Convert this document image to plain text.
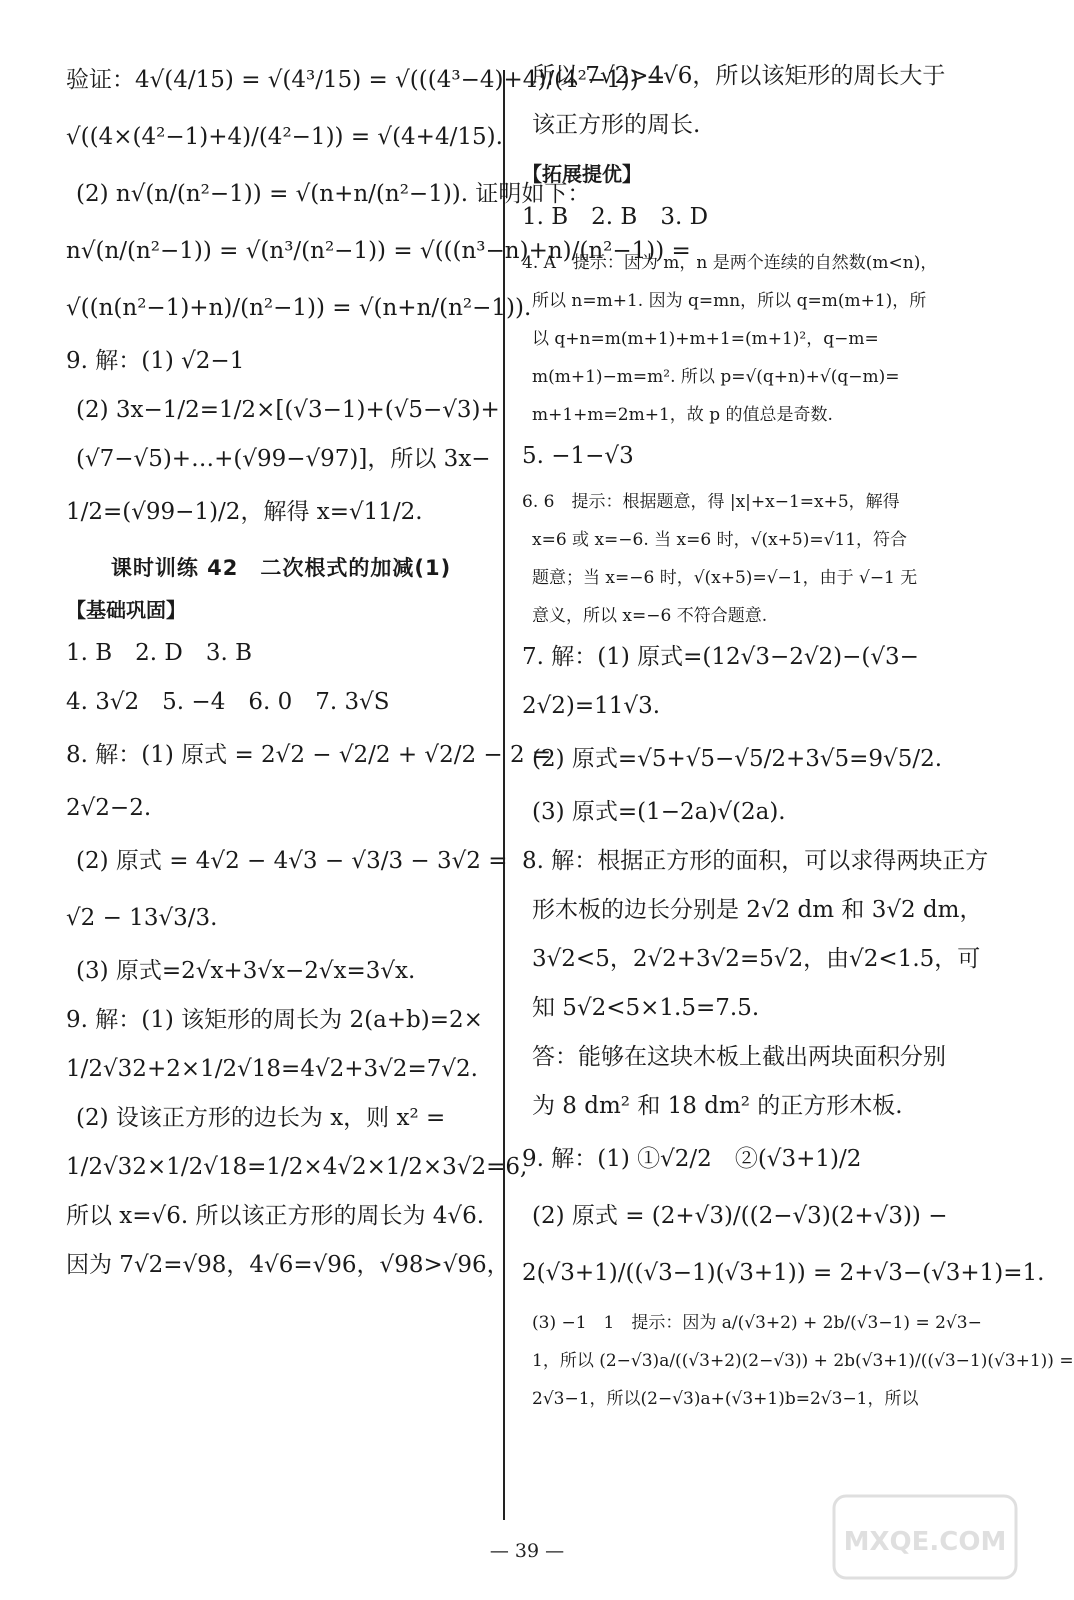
验证：4√(4/15) = √(4³/15) = √(((4³−4)+4)/(4²−1)) =
√((4×(4²−1)+4)/(4²−1)) = √(4+4/15).
(2) n√(n/(n²−1)) = √(n+n/(n²−1)). 证明如下：
n√(n/(n²−1)) = √(n³/(n²−1)) = √(((n³−n)+n)/(n²−1)) =
√((n(n²−1)+n)/(n²−1)) = √(n+n/(n²−1)).
9. 解：(1) √2−1
(2) 3x−1/2=1/2×[(√3−1)+(√5−√3)+
(√7−√5)+…+(√99−√97)]，所以 3x−
1/2=(√99−1)/2，解得 x=√11/2.
课时训练 42　二次根式的加减(1)
【基础巩固】
1. B　2. D　3. B
4. 3√2　5. −4　6. 0　7. 3√S
8. 解：(1) 原式 = 2√2 − √2/2 + √2/2 − 2 =
2√2−2.
(2) 原式 = 4√2 − 4√3 − √3/3 − 3√2 =
√2 − 13√3/3.
(3) 原式=2√x+3√x−2√x=3√x.
9. 解：(1) 该矩形的周长为 2(a+b)=2×
1/2√32+2×1/2√18=4√2+3√2=7√2.
(2) 设该正方形的边长为 x，则 x² =
1/2√32×1/2√18=1/2×4√2×1/2×3√2=6,
所以 x=√6. 所以该正方形的周长为 4√6.
因为 7√2=√98，4√6=√96，√98>√96，
所以 7√2>4√6，所以该矩形的周长大于
该正方形的周长.
【拓展提优】
1. B　2. B　3. D
4. A　提示：因为 m，n 是两个连续的自然数(m<n)，
所以 n=m+1. 因为 q=mn，所以 q=m(m+1)，所
以 q+n=m(m+1)+m+1=(m+1)²，q−m=
m(m+1)−m=m². 所以 p=√(q+n)+√(q−m)=
m+1+m=2m+1，故 p 的值总是奇数.
5. −1−√3
6. 6　提示：根据题意，得 |x|+x−1=x+5，解得
x=6 或 x=−6. 当 x=6 时，√(x+5)=√11，符合
题意；当 x=−6 时，√(x+5)=√−1，由于 √−1 无
意义，所以 x=−6 不符合题意.
7. 解：(1) 原式=(12√3−2√2)−(√3−
2√2)=11√3.
(2) 原式=√5+√5−√5/2+3√5=9√5/2.
(3) 原式=(1−2a)√(2a).
8. 解：根据正方形的面积，可以求得两块正方
形木板的边长分别是 2√2 dm 和 3√2 dm，
3√2<5，2√2+3√2=5√2，由√2<1.5，可
知 5√2<5×1.5=7.5.
答：能够在这块木板上截出两块面积分别
为 8 dm² 和 18 dm² 的正方形木板.
9. 解：(1) ①√2/2　②(√3+1)/2
(2) 原式 = (2+√3)/((2−√3)(2+√3)) −
2(√3+1)/((√3−1)(√3+1)) = 2+√3−(√3+1)=1.
(3) −1　1　提示：因为 a/(√3+2) + 2b/(√3−1) = 2√3−
1，所以 (2−√3)a/((√3+2)(2−√3)) + 2b(√3+1)/((√3−1)(√3+1)) =
2√3−1，所以(2−√3)a+(√3+1)b=2√3−1，所以
— 39 —	MXQE.COM
